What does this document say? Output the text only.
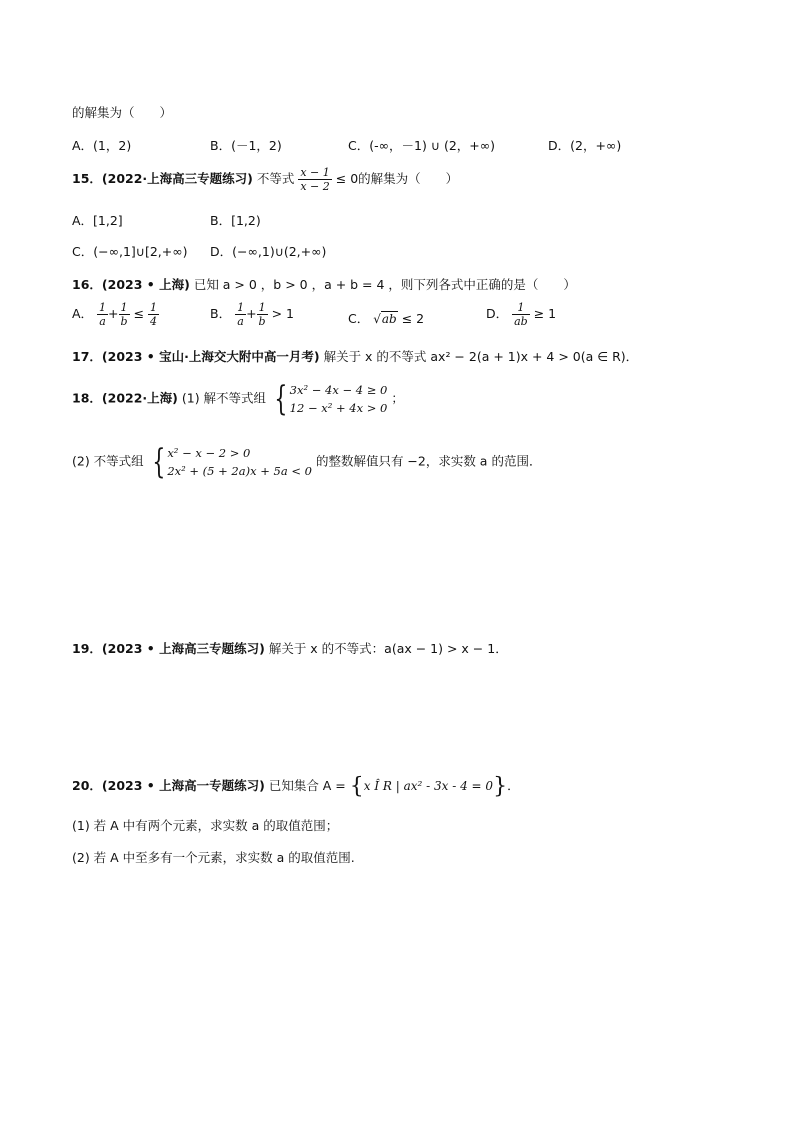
的解集为（　　）
A．(1，2)	B．(－1，2)	C．(-∞，－1) ∪ (2，+∞)	D．(2，+∞)
15．(2022·上海高三专题练习) 不等式 $\frac{x - 1}{x - 2} \le 0$的解集为（　　）
A．[1,2]	B．[1,2)
C．(−∞,1]∪[2,+∞) D．(−∞,1)∪(2,+∞)
16．(2023 • 上海) 已知 a > 0 ，b > 0 ，a + b = 4 ，则下列各式中正确的是（　　）
A． $\frac{1}{a} + \frac{1}{b} \le \frac{1}{4}$	B． $\frac{1}{a} + \frac{1}{b} > 1$	C． √ab ≤ 2	D． $\frac{1}{ab} \ge 1$
17．(2023 • 宝山·上海交大附中高一月考) 解关于 x 的不等式 ax² − 2(a + 1)x + 4 > 0(a ∈ R)．
18．(2022·上海) (1) 解不等式组 { 3x² − 4x − 4 ≥ 0
12 − x² + 4x > 0
；
(2) 不等式组 { x² − x − 2 > 0
2x² + (5 + 2a)x + 5a < 0
的整数解值只有 −2，求实数 a 的范围．
19．(2023 • 上海高三专题练习) 解关于 x 的不等式：a(ax − 1) > x − 1．
20．(2023 • 上海高一专题练习) 已知集合 A = {x Î R | ax² - 3x - 4 = 0}．
(1) 若 A 中有两个元素，求实数 a 的取值范围；
(2) 若 A 中至多有一个元素，求实数 a 的取值范围.
